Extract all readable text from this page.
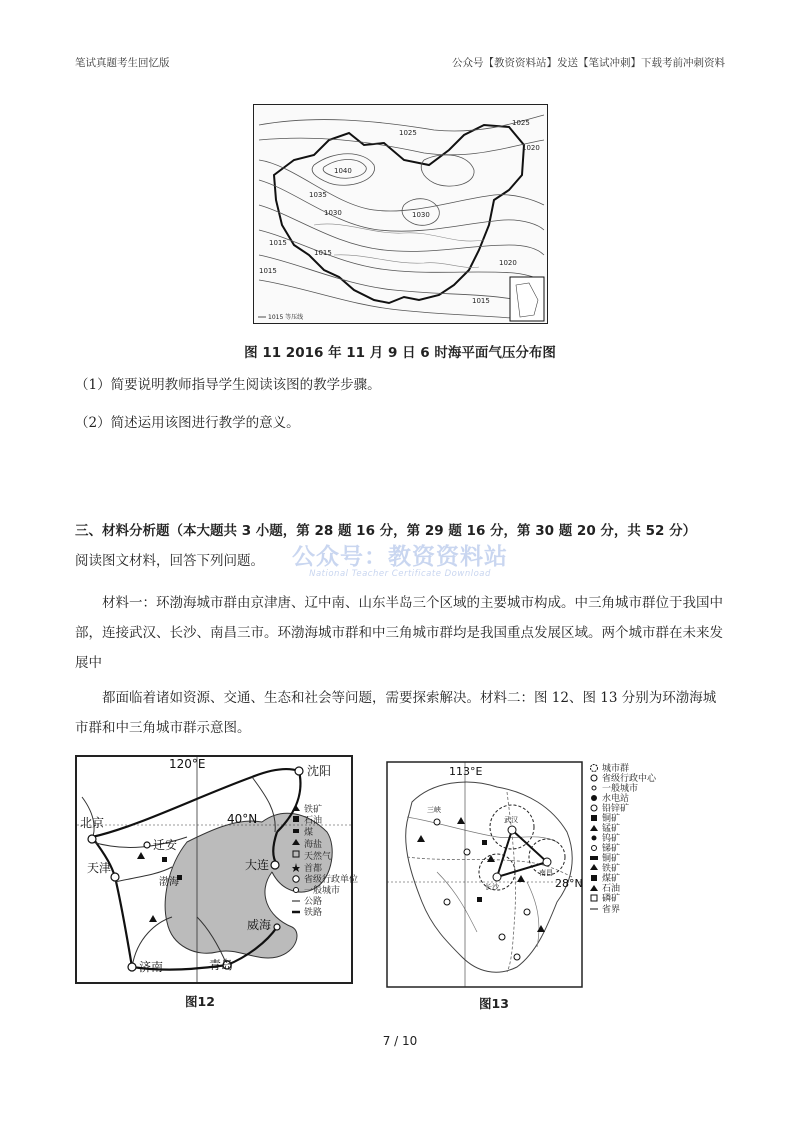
笔试真题考生回忆版	公众号【教资资料站】发送【笔试冲刺】下载考前冲刺资料
1040
1035
1030
1025
1025
1020
1015
1015
1030
1020
1015
1015
1015 等压线
图 11 2016 年 11 月 9 日 6 时海平面气压分布图
（1）简要说明教师指导学生阅读该图的教学步骤。
（2）简述运用该图进行教学的意义。
三、材料分析题（本大题共 3 小题，第 28 题 16 分，第 29 题 16 分，第 30 题 20 分，共 52 分）
阅读图文材料，回答下列问题。	公众号：教资资料站
National Teacher Certificate Download
材料一：环渤海城市群由京津唐、辽中南、山东半岛三个区域的主要城市构成。中三角城市群位于我国中部，连接武汉、长沙、南昌三市。环渤海城市群和中三角城市群均是我国重点发展区域。两个城市群在未来发展中
都面临着诸如资源、交通、生态和社会等问题，需要探索解决。材料二：图 12、图 13 分别为环渤海城市群和中三角城市群示意图。
120°E
40°N
沈阳
北京
迁安
天津	大连
渤海
威海
济南	青岛
铁矿
石油
煤
海盐
天然气
首都
省级行政单位
一般城市
公路
铁路
图12
113°E
28°N
三峡
武汉
长沙
南昌
城市群
省级行政中心
一般城市
水电站
铅锌矿
铜矿
锰矿
钨矿
锑矿
铜矿
铁矿
煤矿
石油
磷矿
省界
图13
7 / 10
